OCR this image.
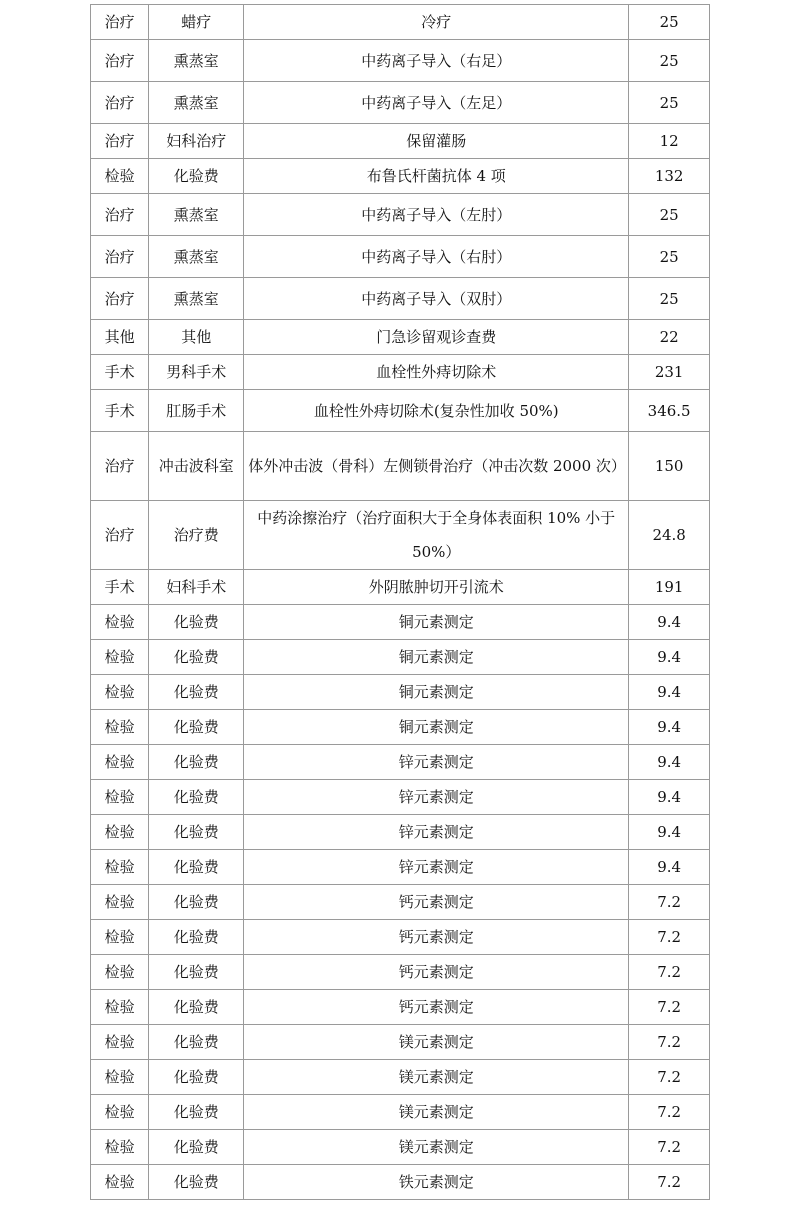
治疗	蜡疗	冷疗	25
治疗	熏蒸室	中药离子导入（右足）	25
治疗	熏蒸室	中药离子导入（左足）	25
治疗	妇科治疗	保留灌肠	12
检验	化验费	布鲁氏杆菌抗体 4 项	132
治疗	熏蒸室	中药离子导入（左肘）	25
治疗	熏蒸室	中药离子导入（右肘）	25
治疗	熏蒸室	中药离子导入（双肘）	25
其他	其他	门急诊留观诊查费	22
手术	男科手术	血栓性外痔切除术	231
手术	肛肠手术	血栓性外痔切除术(复杂性加收 50%)	346.5
治疗	冲击波科室	体外冲击波（骨科）左侧锁骨治疗（冲击次数 2000 次）	150
治疗	治疗费	中药涂擦治疗（治疗面积大于全身体表面积 10% 小于 50%）	24.8
手术	妇科手术	外阴脓肿切开引流术	191
检验	化验费	铜元素测定	9.4
检验	化验费	铜元素测定	9.4
检验	化验费	铜元素测定	9.4
检验	化验费	铜元素测定	9.4
检验	化验费	锌元素测定	9.4
检验	化验费	锌元素测定	9.4
检验	化验费	锌元素测定	9.4
检验	化验费	锌元素测定	9.4
检验	化验费	钙元素测定	7.2
检验	化验费	钙元素测定	7.2
检验	化验费	钙元素测定	7.2
检验	化验费	钙元素测定	7.2
检验	化验费	镁元素测定	7.2
检验	化验费	镁元素测定	7.2
检验	化验费	镁元素测定	7.2
检验	化验费	镁元素测定	7.2
检验	化验费	铁元素测定	7.2
